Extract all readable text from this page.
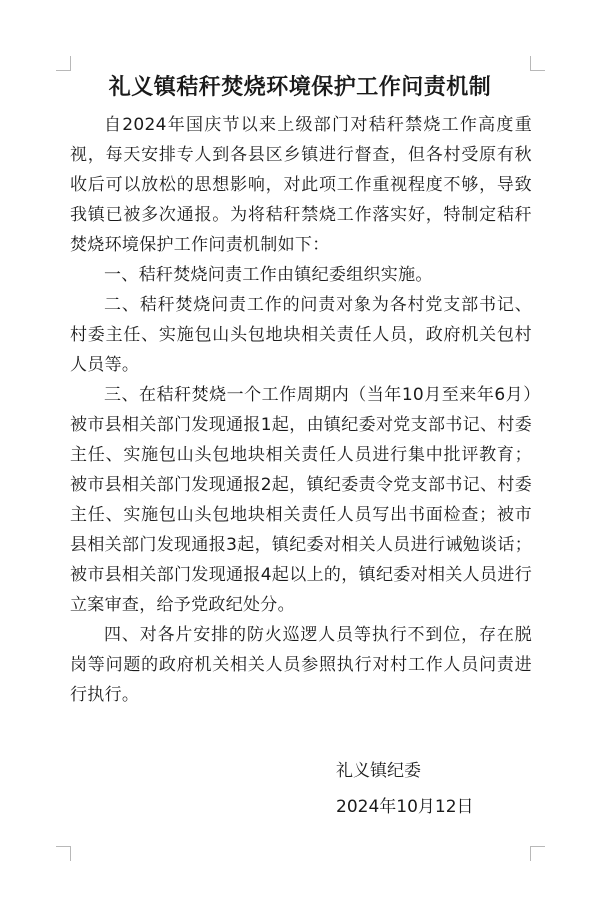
礼义镇秸秆焚烧环境保护工作问责机制

自2024年国庆节以来上级部门对秸秆禁烧工作高度重视，每天安排专人到各县区乡镇进行督查，但各村受原有秋收后可以放松的思想影响，对此项工作重视程度不够，导致我镇已被多次通报。为将秸秆禁烧工作落实好，特制定秸秆焚烧环境保护工作问责机制如下：

一、秸秆焚烧问责工作由镇纪委组织实施。

二、秸秆焚烧问责工作的问责对象为各村党支部书记、村委主任、实施包山头包地块相关责任人员，政府机关包村人员等。

三、在秸秆焚烧一个工作周期内（当年10月至来年6月）被市县相关部门发现通报1起，由镇纪委对党支部书记、村委主任、实施包山头包地块相关责任人员进行集中批评教育；被市县相关部门发现通报2起，镇纪委责令党支部书记、村委主任、实施包山头包地块相关责任人员写出书面检查；被市县相关部门发现通报3起，镇纪委对相关人员进行诫勉谈话；被市县相关部门发现通报4起以上的，镇纪委对相关人员进行立案审查，给予党政纪处分。

四、对各片安排的防火巡逻人员等执行不到位，存在脱岗等问题的政府机关相关人员参照执行对村工作人员问责进行执行。

礼义镇纪委
2024年10月12日
